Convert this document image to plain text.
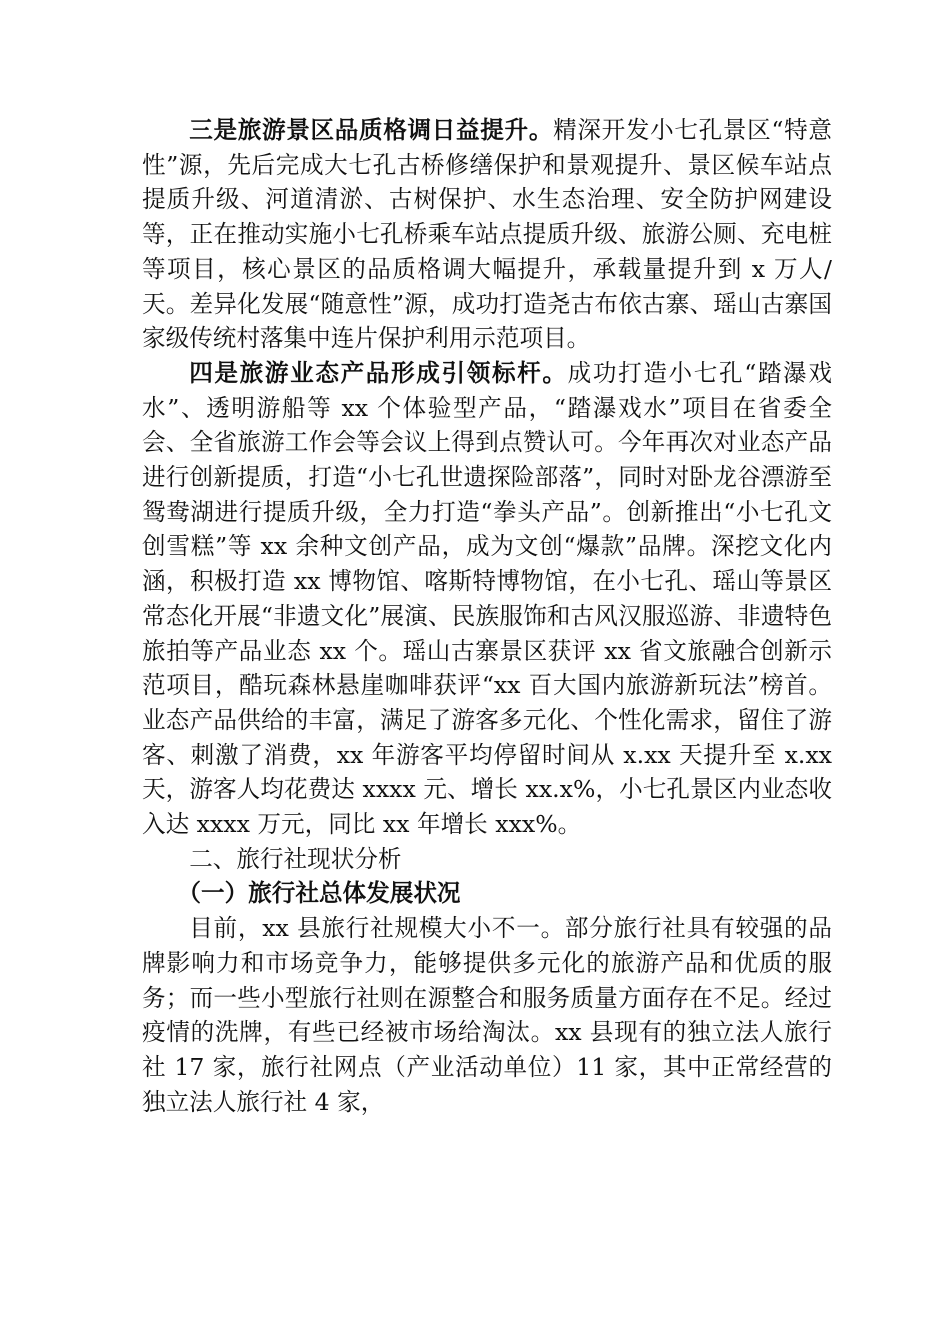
三是旅游景区品质格调日益提升。精深开发小七孔景区“特意性”源，先后完成大七孔古桥修缮保护和景观提升、景区候车站点提质升级、河道清淤、古树保护、水生态治理、安全防护网建设等，正在推动实施小七孔桥乘车站点提质升级、旅游公厕、充电桩等项目，核心景区的品质格调大幅提升，承载量提升到 x 万人/天。差异化发展“随意性”源，成功打造尧古布依古寨、瑶山古寨国家级传统村落集中连片保护利用示范项目。

四是旅游业态产品形成引领标杆。成功打造小七孔“踏瀑戏水”、透明游船等 xx 个体验型产品，“踏瀑戏水”项目在省委全会、全省旅游工作会等会议上得到点赞认可。今年再次对业态产品进行创新提质，打造“小七孔世遗探险部落”，同时对卧龙谷漂游至鸳鸯湖进行提质升级，全力打造“拳头产品”。创新推出“小七孔文创雪糕”等 xx 余种文创产品，成为文创“爆款”品牌。深挖文化内涵，积极打造 xx 博物馆、喀斯特博物馆，在小七孔、瑶山等景区常态化开展“非遗文化”展演、民族服饰和古风汉服巡游、非遗特色旅拍等产品业态 xx 个。瑶山古寨景区获评 xx 省文旅融合创新示范项目，酷玩森林悬崖咖啡获评“xx 百大国内旅游新玩法”榜首。业态产品供给的丰富，满足了游客多元化、个性化需求，留住了游客、刺激了消费，xx 年游客平均停留时间从 x.xx 天提升至 x.xx 天，游客人均花费达 xxxx 元、增长 xx.x%，小七孔景区内业态收入达 xxxx 万元，同比 xx 年增长 xxx%。

二、旅行社现状分析
（一）旅行社总体发展状况

目前，xx 县旅行社规模大小不一。部分旅行社具有较强的品牌影响力和市场竞争力，能够提供多元化的旅游产品和优质的服务；而一些小型旅行社则在源整合和服务质量方面存在不足。经过疫情的洗牌，有些已经被市场给淘汰。xx 县现有的独立法人旅行社 17 家，旅行社网点（产业活动单位）11 家，其中正常经营的独立法人旅行社 4 家，
